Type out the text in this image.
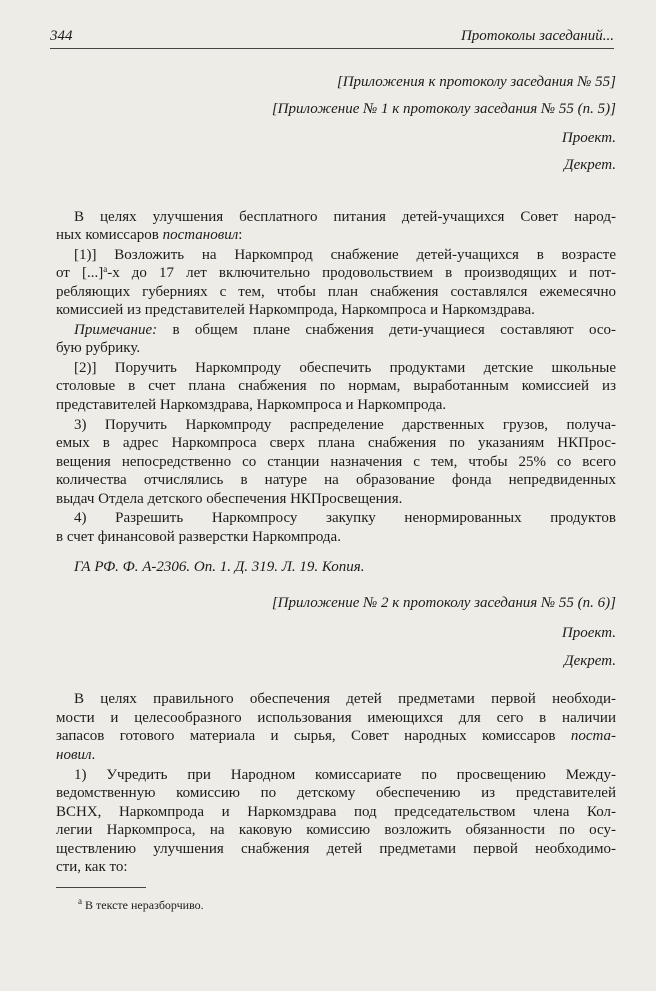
344	Протоколы заседаний...
[Приложения к протоколу заседания № 55]
[Приложение № 1 к протоколу заседания № 55 (п. 5)]
Проект.
Декрет.
В целях улучшения бесплатного питания детей-учащихся Совет народ-
ных комиссаров постановил:
[1)] Возложить на Наркомпрод снабжение детей-учащихся в возрасте
от [...]$^а$-х до 17 лет включительно продовольствием в производящих и пот-
ребляющих губерниях с тем, чтобы план снабжения составлялся ежемесячно
комиссией из представителей Наркомпрода, Наркомпроса и Наркомздрава.
Примечание: в общем плане снабжения дети-учащиеся составляют осо-
бую рубрику.
[2)] Поручить Наркомпроду обеспечить продуктами детские школьные
столовые в счет плана снабжения по нормам, выработанным комиссией из
представителей Наркомздрава, Наркомпроса и Наркомпрода.
3) Поручить Наркомпроду распределение дарственных грузов, получа-
емых в адрес Наркомпроса сверх плана снабжения по указаниям НКПрос-
вещения непосредственно со станции назначения с тем, чтобы 25% со всего
количества отчислялись в натуре на образование фонда непредвиденных
выдач Отдела детского обеспечения НКПросвещения.
4) Разрешить Наркомпросу закупку ненормированных продуктов
в счет финансовой разверстки Наркомпрода.
ГА РФ. Ф. А-2306. Оп. 1. Д. 319. Л. 19. Копия.
[Приложение № 2 к протоколу заседания № 55 (п. 6)]
Проект.
Декрет.
В целях правильного обеспечения детей предметами первой необходи-
мости и целесообразного использования имеющихся для сего в наличии
запасов готового материала и сырья, Совет народных комиссаров поста-
новил.
1) Учредить при Народном комиссариате по просвещению Между-
ведомственную комиссию по детскому обеспечению из представителей
ВСНХ, Наркомпрода и Наркомздрава под председательством члена Кол-
легии Наркомпроса, на каковую комиссию возложить обязанности по осу-
ществлению улучшения снабжения детей предметами первой необходимо-
сти, как то:
$^а$ В тексте неразборчиво.
